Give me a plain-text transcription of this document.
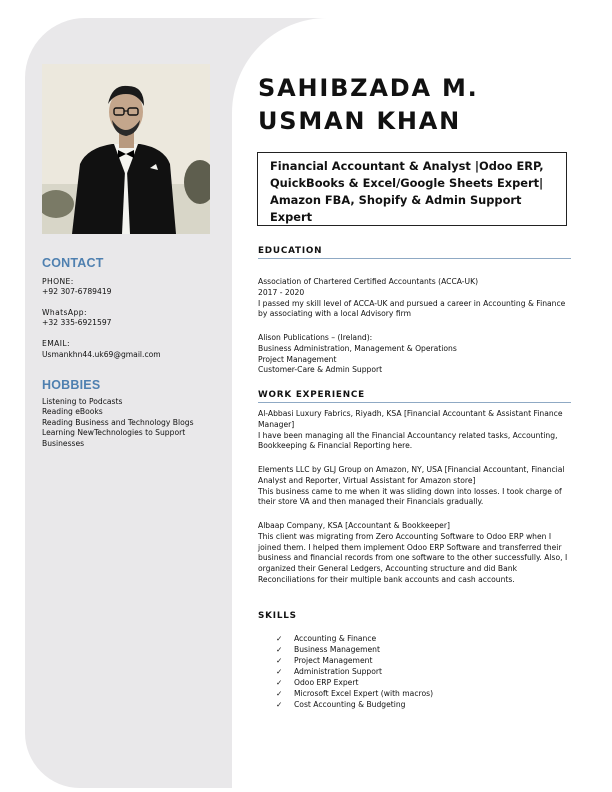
CONTACT

PHONE:

+92 307-6789419

WhatsApp:

+32 335-6921597

EMAIL:

Usmankhn44.uk69@gmail.com

HOBBIES

Listening to Podcasts

Reading eBooks

Reading Business and Technology Blogs

Learning NewTechnologies to Support Businesses

SAHIBZADA M. USMAN KHAN
Financial Accountant & Analyst |Odoo ERP, QuickBooks & Excel/Google Sheets Expert| Amazon FBA, Shopify & Admin Support Expert
EDUCATION

Association of Chartered Certified Accountants (ACCA-UK)

2017 - 2020

I passed my skill level of ACCA-UK and pursued a career in Accounting & Finance by associating with a local Advisory firm

Alison Publications – (Ireland):

Business Administration, Management & Operations

Project Management

Customer-Care & Admin Support

WORK EXPERIENCE

Al-Abbasi Luxury Fabrics, Riyadh, KSA [Financial Accountant & Assistant Finance Manager]

I have been managing all the Financial Accountancy related tasks, Accounting, Bookkeeping & Financial Reporting here.

Elements LLC by GLJ Group on Amazon, NY, USA [Financial Accountant, Financial Analyst and Reporter, Virtual Assistant for Amazon store]

This business came to me when it was sliding down into losses. I took charge of their store VA and then managed their Financials gradually.

Albaap Company, KSA [Accountant & Bookkeeper]

This client was migrating from Zero Accounting Software to Odoo ERP when I joined them. I helped them implement Odoo ERP Software and transferred their business and financial records from one software to the other successfully. Also, I organized their General Ledgers, Accounting structure and did Bank Reconciliations for their multiple bank accounts and cash accounts.

SKILLS
✓	Accounting & Finance
✓	Business Management
✓	Project Management
✓	Administration Support
✓	Odoo ERP Expert
✓	Microsoft Excel Expert (with macros)
✓	Cost Accounting & Budgeting
